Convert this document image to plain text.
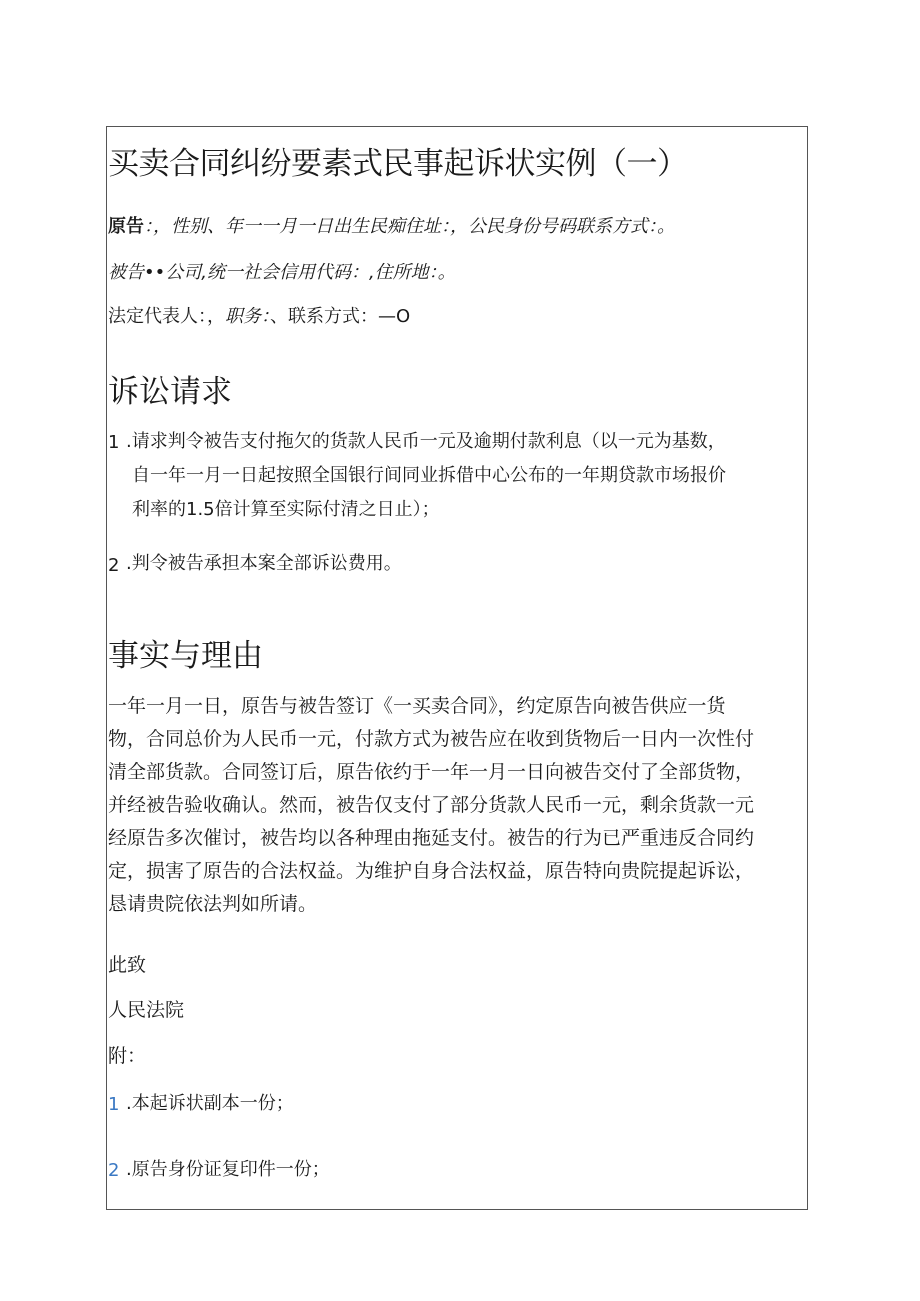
买卖合同纠纷要素式民事起诉状实例（一）
原告：，性别、年一一月一日出生民痴住址：，公民身份号码联系方式：。
被告••公司,统一社会信用代码：,住所地：。
法定代表人：，职务：、联系方式：—O
诉讼请求
1 .请求判令被告支付拖欠的货款人民币一元及逾期付款利息（以一元为基数，
自一年一月一日起按照全国银行间同业拆借中心公布的一年期贷款市场报价
利率的1.5倍计算至实际付清之日止）；
2 .判令被告承担本案全部诉讼费用。
事实与理由
一年一月一日，原告与被告签订《一买卖合同》，约定原告向被告供应一货
物，合同总价为人民币一元，付款方式为被告应在收到货物后一日内一次性付
清全部货款。合同签订后，原告依约于一年一月一日向被告交付了全部货物，
并经被告验收确认。然而，被告仅支付了部分货款人民币一元，剩余货款一元
经原告多次催讨，被告均以各种理由拖延支付。被告的行为已严重违反合同约
定，损害了原告的合法权益。为维护自身合法权益，原告特向贵院提起诉讼，
恳请贵院依法判如所请。
此致
人民法院
附：
1 .本起诉状副本一份；
2 .原告身份证复印件一份；
